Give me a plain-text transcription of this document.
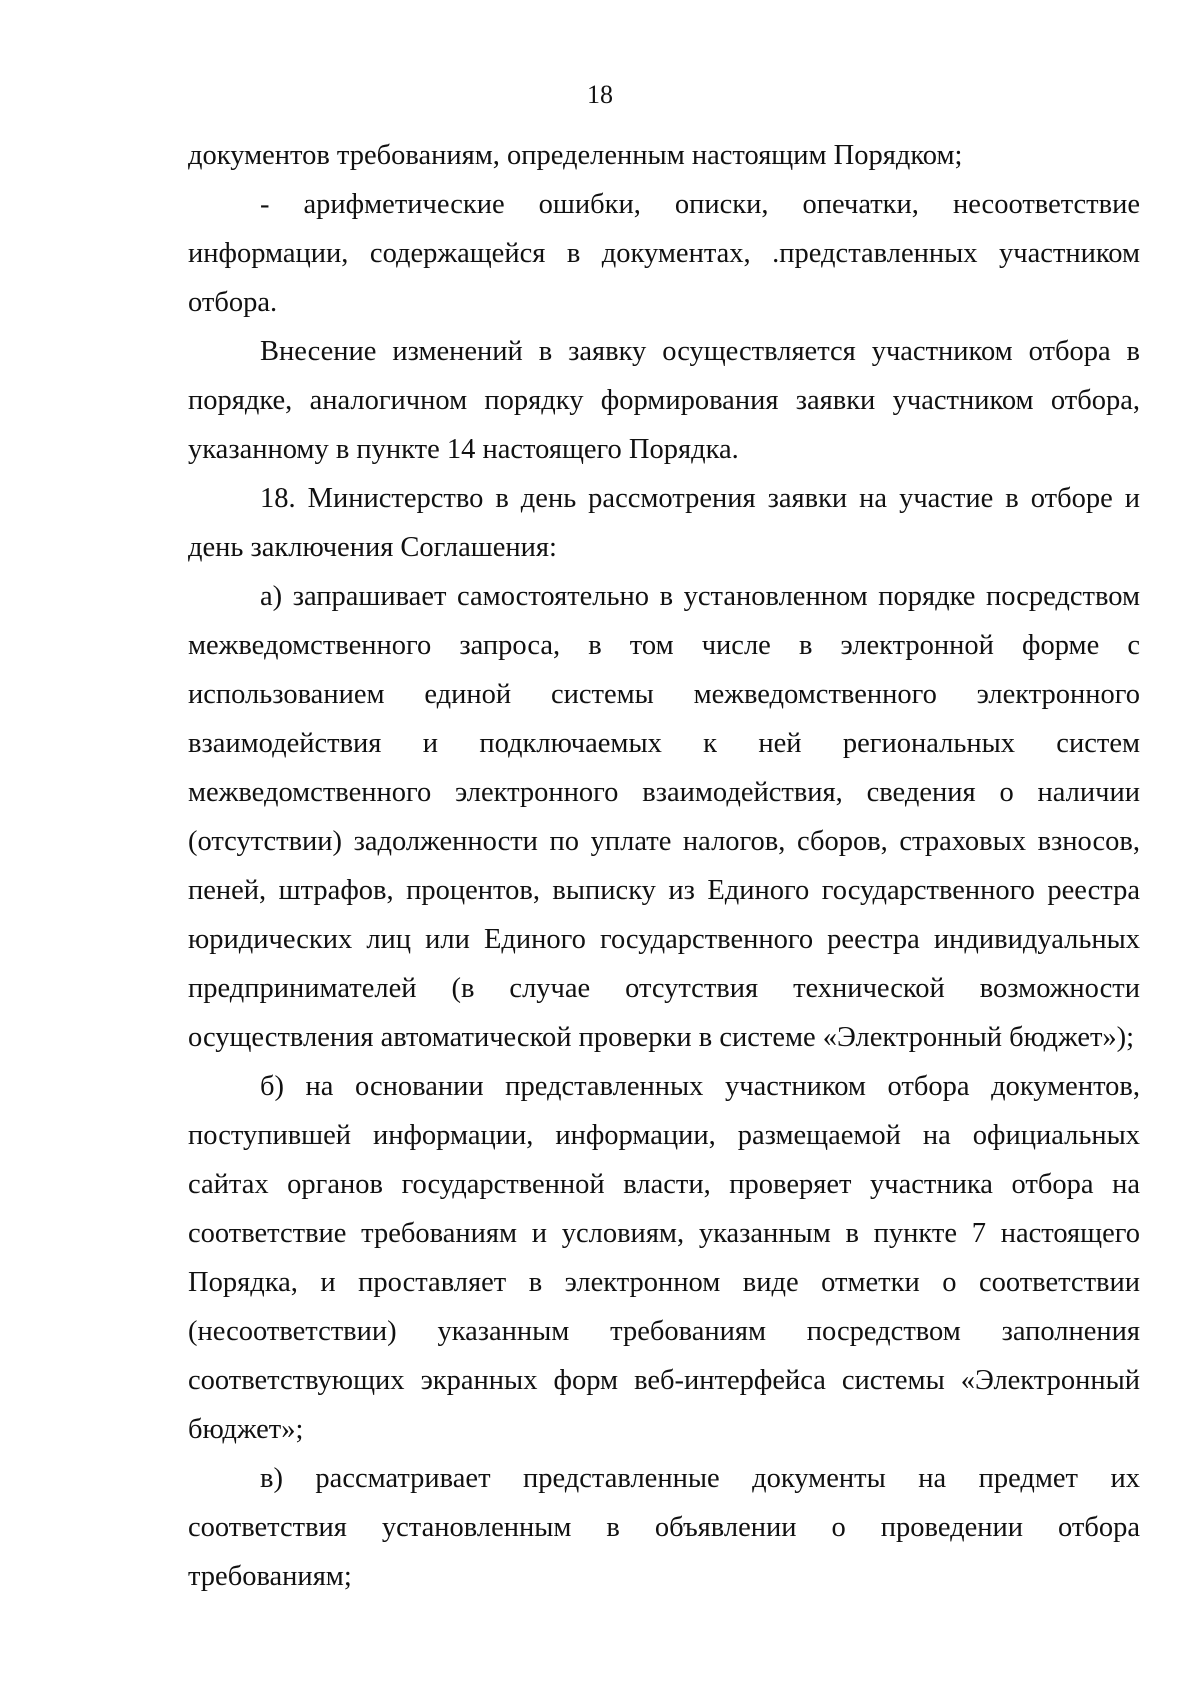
18

документов требованиям, определенным настоящим Порядком;

- арифметические ошибки, описки, опечатки, несоответствие информации, содержащейся в документах, .представленных участником отбора.

Внесение изменений в заявку осуществляется участником отбора в порядке, аналогичном порядку формирования заявки участником отбора, указанному в пункте 14 настоящего Порядка.

18. Министерство в день рассмотрения заявки на участие в отборе и день заключения Соглашения:

а) запрашивает самостоятельно в установленном порядке посредством межведомственного запроса, в том числе в электронной форме с использованием единой системы межведомственного электронного взаимодействия и подключаемых к ней региональных систем межведомственного электронного взаимодействия, сведения о наличии (отсутствии) задолженности по уплате налогов, сборов, страховых взносов, пеней, штрафов, процентов, выписку из Единого государственного реестра юридических лиц или Единого государственного реестра индивидуальных предпринимателей (в случае отсутствия технической возможности осуществления автоматической проверки в системе «Электронный бюджет»);

б) на основании представленных участником отбора документов, поступившей информации, информации, размещаемой на официальных сайтах органов государственной власти, проверяет участника отбора на соответствие требованиям и условиям, указанным в пункте 7 настоящего Порядка, и проставляет в электронном виде отметки о соответствии (несоответствии) указанным требованиям посредством заполнения соответствующих экранных форм веб-интерфейса системы «Электронный бюджет»;

в) рассматривает представленные документы на предмет их соответствия установленным в объявлении о проведении отбора требованиям;
